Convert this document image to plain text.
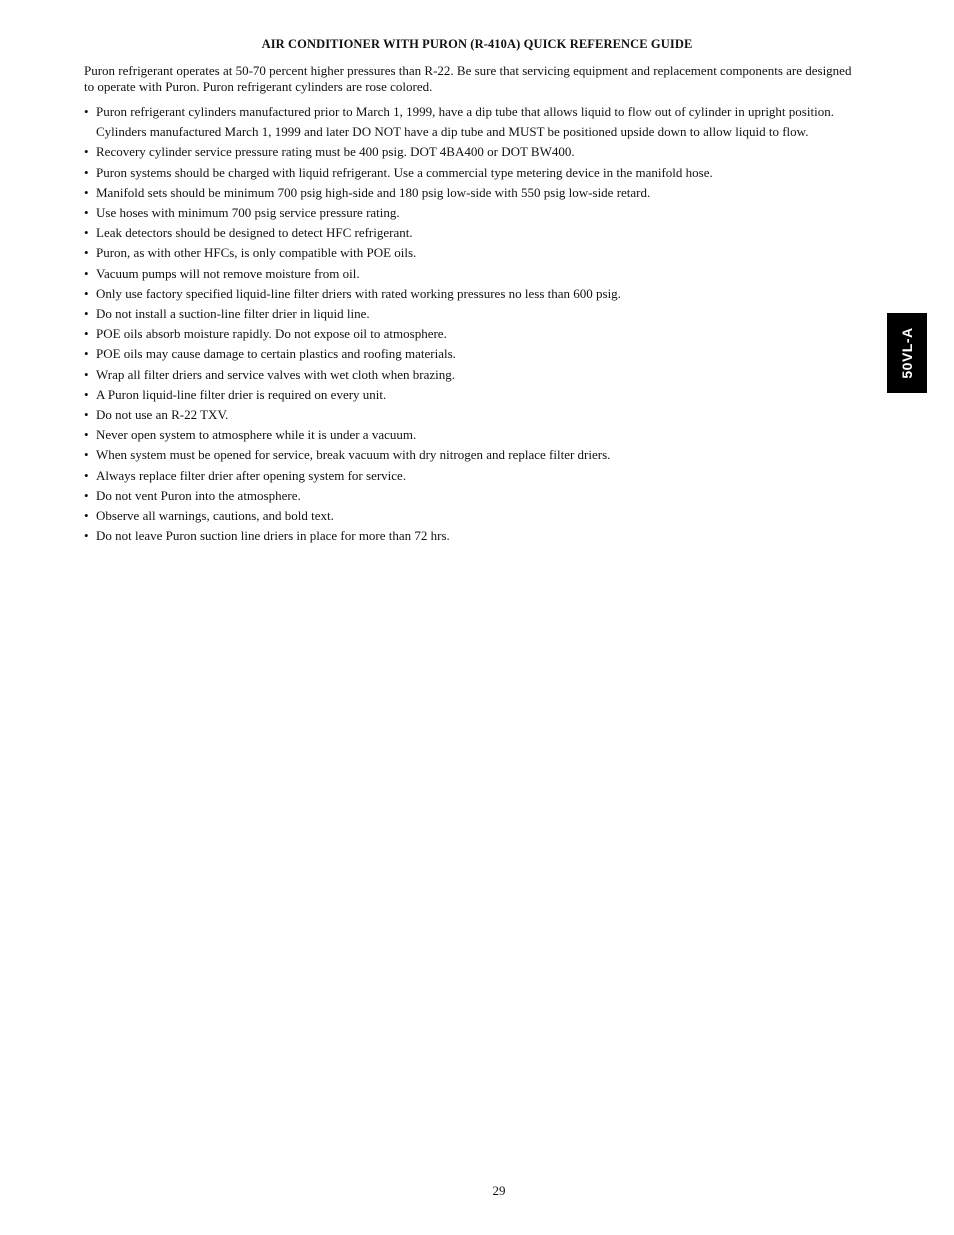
AIR CONDITIONER WITH PURON (R-410A) QUICK REFERENCE GUIDE
Puron refrigerant operates at 50-70 percent higher pressures than R-22. Be sure that servicing equipment and replacement components are designed to operate with Puron. Puron refrigerant cylinders are rose colored.
• Puron refrigerant cylinders manufactured prior to March 1, 1999, have a dip tube that allows liquid to flow out of cylinder in upright position.
Cylinders manufactured March 1, 1999 and later DO NOT have a dip tube and MUST be positioned upside down to allow liquid to flow.
• Recovery cylinder service pressure rating must be 400 psig. DOT 4BA400 or DOT BW400.
• Puron systems should be charged with liquid refrigerant. Use a commercial type metering device in the manifold hose.
• Manifold sets should be minimum 700 psig high-side and 180 psig low-side with 550 psig low-side retard.
• Use hoses with minimum 700 psig service pressure rating.
• Leak detectors should be designed to detect HFC refrigerant.
• Puron, as with other HFCs, is only compatible with POE oils.
• Vacuum pumps will not remove moisture from oil.
• Only use factory specified liquid-line filter driers with rated working pressures no less than 600 psig.
• Do not install a suction-line filter drier in liquid line.
• POE oils absorb moisture rapidly. Do not expose oil to atmosphere.
• POE oils may cause damage to certain plastics and roofing materials.
• Wrap all filter driers and service valves with wet cloth when brazing.
• A Puron liquid-line filter drier is required on every unit.
• Do not use an R-22 TXV.
• Never open system to atmosphere while it is under a vacuum.
• When system must be opened for service, break vacuum with dry nitrogen and replace filter driers.
• Always replace filter drier after opening system for service.
• Do not vent Puron into the atmosphere.
• Observe all warnings, cautions, and bold text.
• Do not leave Puron suction line driers in place for more than 72 hrs.
50VL-A
29
